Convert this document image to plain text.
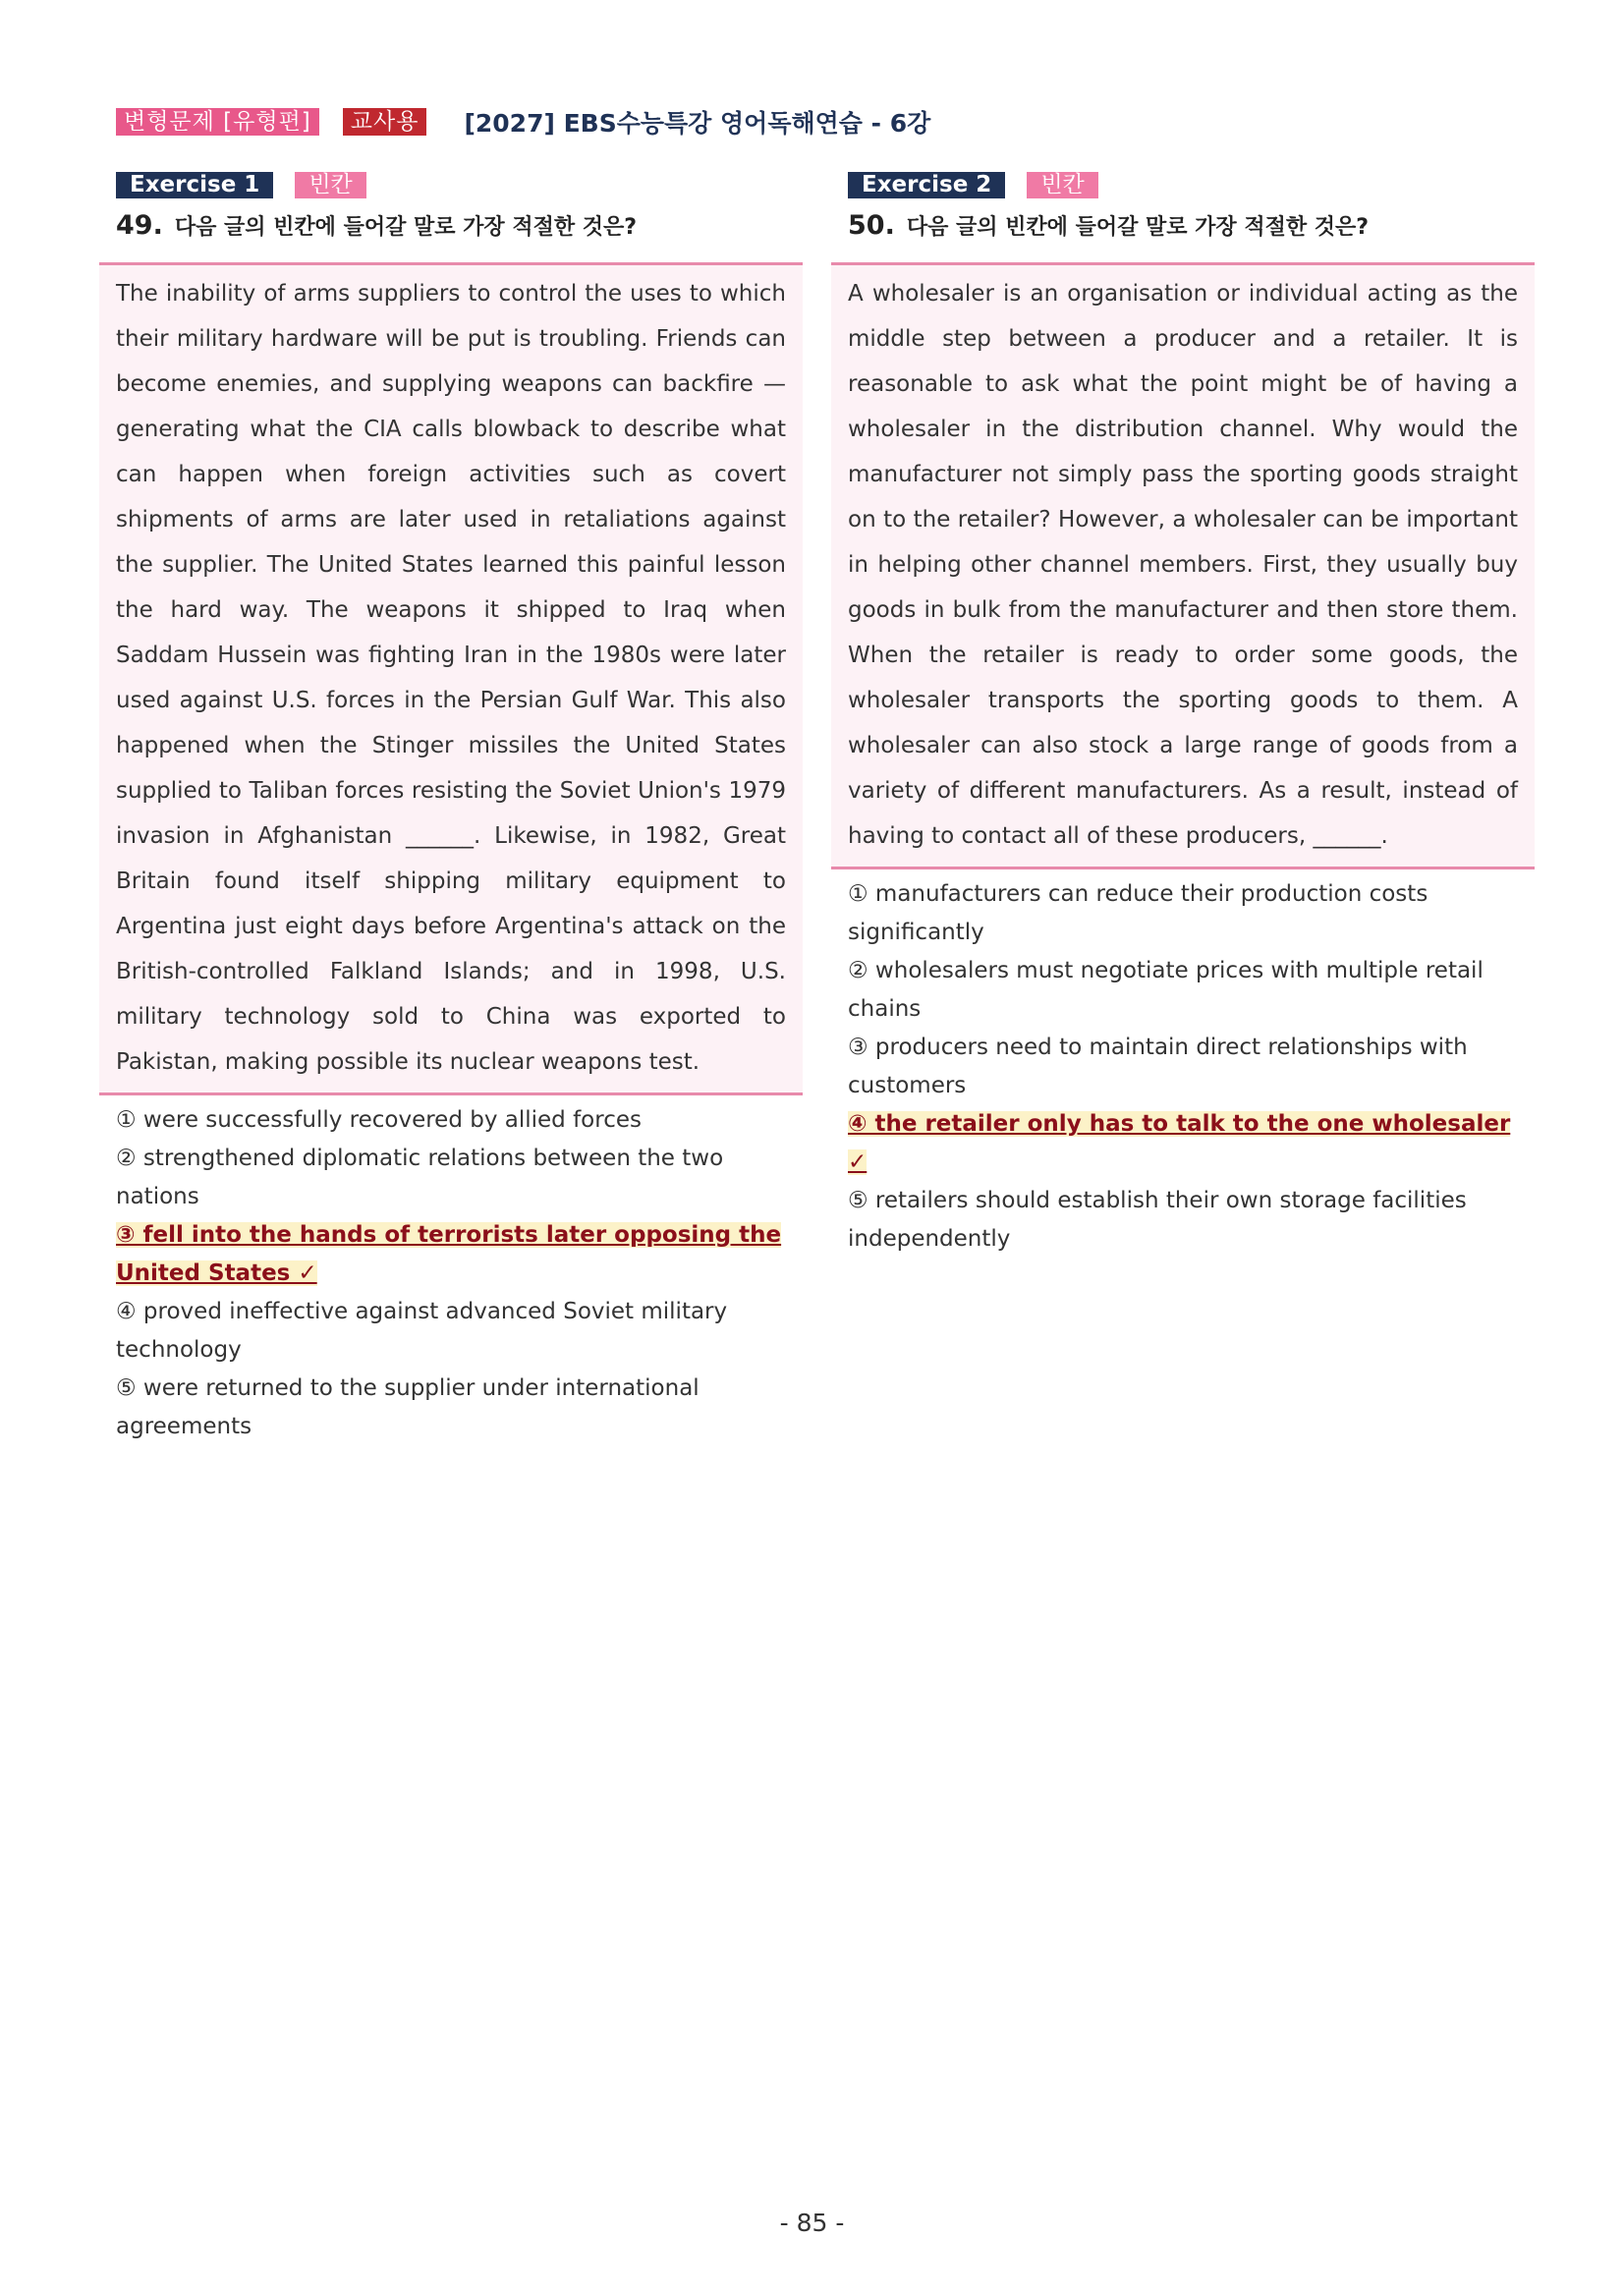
변형문제 [유형편]	교사용	[2027] EBS수능특강 영어독해연습 - 6강
Exercise 1	빈칸
49. 다음 글의 빈칸에 들어갈 말로 가장 적절한 것은?
The inability of arms suppliers to control the uses to which their military hardware will be put is troubling. Friends can become enemies, and supplying weapons can backfire — generating what the CIA calls blowback to describe what can happen when foreign activities such as covert shipments of arms are later used in retaliations against the supplier. The United States learned this painful lesson the hard way. The weapons it shipped to Iraq when Saddam Hussein was fighting Iran in the 1980s were later used against U.S. forces in the Persian Gulf War. This also happened when the Stinger missiles the United States supplied to Taliban forces resisting the Soviet Union's 1979 invasion in Afghanistan ______. Likewise, in 1982, Great Britain found itself shipping military equipment to Argentina just eight days before Argentina's attack on the British-controlled Falkland Islands; and in 1998, U.S. military technology sold to China was exported to Pakistan, making possible its nuclear weapons test.
① were successfully recovered by allied forces
② strengthened diplomatic relations between the two nations
③ fell into the hands of terrorists later opposing the United States ✓
④ proved ineffective against advanced Soviet military technology
⑤ were returned to the supplier under international agreements
Exercise 2	빈칸
50. 다음 글의 빈칸에 들어갈 말로 가장 적절한 것은?
A wholesaler is an organisation or individual acting as the middle step between a producer and a retailer. It is reasonable to ask what the point might be of having a wholesaler in the distribution channel. Why would the manufacturer not simply pass the sporting goods straight on to the retailer? However, a wholesaler can be important in helping other channel members. First, they usually buy goods in bulk from the manufacturer and then store them. When the retailer is ready to order some goods, the wholesaler transports the sporting goods to them. A wholesaler can also stock a large range of goods from a variety of different manufacturers. As a result, instead of having to contact all of these producers, ______.
① manufacturers can reduce their production costs significantly
② wholesalers must negotiate prices with multiple retail chains
③ producers need to maintain direct relationships with customers
④ the retailer only has to talk to the one wholesaler ✓
⑤ retailers should establish their own storage facilities independently
- 85 -
